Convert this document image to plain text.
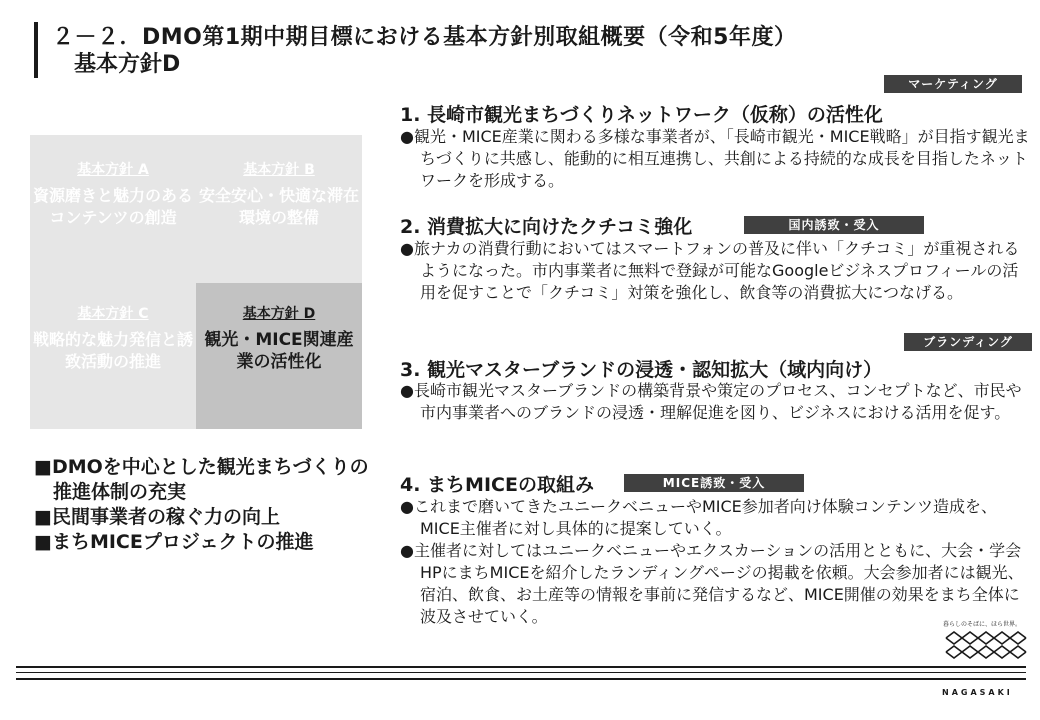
２－２．DMO第1期中期目標における基本方針別取組概要（令和5年度）
基本方針D
基本方針 A
資源磨きと魅力のあるコンテンツの創造
基本方針 B
安全安心・快適な滞在環境の整備
基本方針 C
戦略的な魅力発信と誘致活動の推進
基本方針 D
観光・MICE関連産業の活性化
■DMOを中心とした観光まちづくりの推進体制の充実
■民間事業者の稼ぐ力の向上
■まちMICEプロジェクトの推進
マーケティング
1. 長崎市観光まちづくりネットワーク（仮称）の活性化

●観光・MICE産業に関わる多様な事業者が、「長崎市観光・MICE戦略」が目指す観光まちづくりに共感し、能動的に相互連携し、共創による持続的な成長を目指したネットワークを形成する。

2. 消費拡大に向けたクチコミ強化	国内誘致・受入

●旅ナカの消費行動においてはスマートフォンの普及に伴い「クチコミ」が重視されるようになった。市内事業者に無料で登録が可能なGoogleビジネスプロフィールの活用を促すことで「クチコミ」対策を強化し、飲食等の消費拡大につなげる。

ブランディング
3. 観光マスターブランドの浸透・認知拡大（域内向け）

●長崎市観光マスターブランドの構築背景や策定のプロセス、コンセプトなど、市民や市内事業者へのブランドの浸透・理解促進を図り、ビジネスにおける活用を促す。

4. まちMICEの取組み	MICE誘致・受入

●これまで磨いてきたユニークベニューやMICE参加者向け体験コンテンツ造成を、MICE主催者に対し具体的に提案していく。

●主催者に対してはユニークベニューやエクスカーションの活用とともに、大会・学会HPにまちMICEを紹介したランディングページの掲載を依頼。大会参加者には観光、宿泊、飲食、お土産等の情報を事前に発信するなど、MICE開催の効果をまち全体に波及させていく。	暮らしのそばに、ほら世界。
NAGASAKI
